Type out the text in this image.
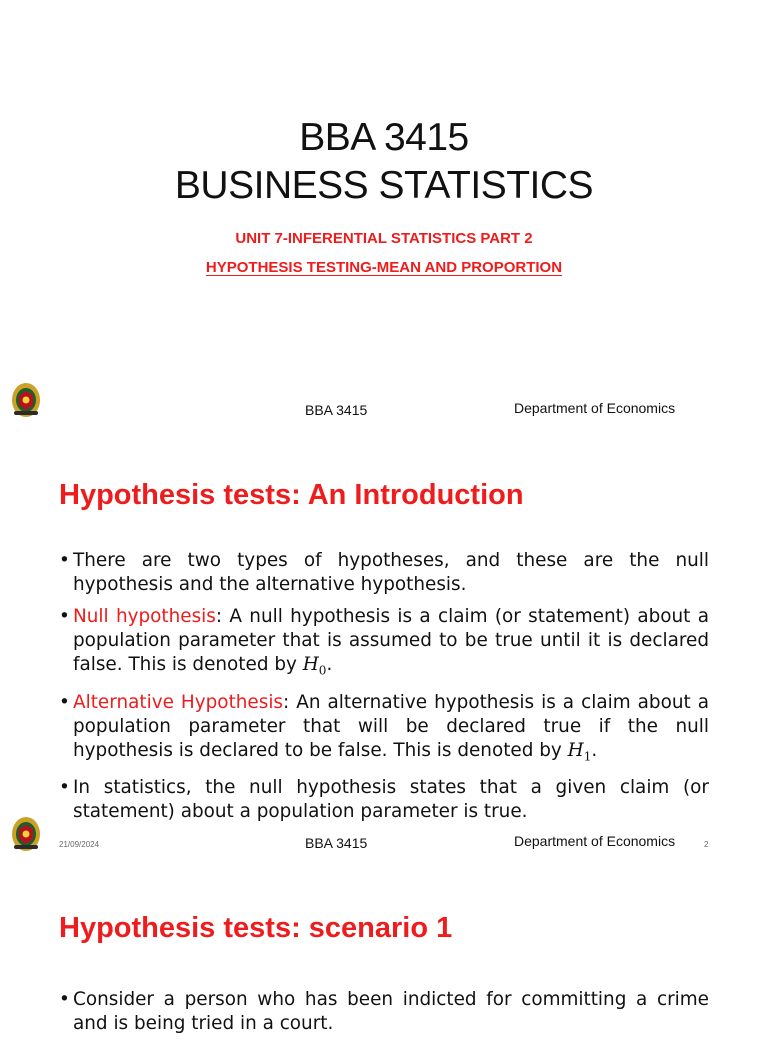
BBA 3415
BUSINESS STATISTICS
UNIT 7-INFERENTIAL STATISTICS PART 2
HYPOTHESIS TESTING-MEAN AND PROPORTION
BBA 3415	Department of Economics
Hypothesis tests: An Introduction
• There are two types of hypotheses, and these are the null hypothesis and the alternative hypothesis.
• Null hypothesis: A null hypothesis is a claim (or statement) about a population parameter that is assumed to be true until it is declared false. This is denoted by $H_0$.
• Alternative Hypothesis: An alternative hypothesis is a claim about a population parameter that will be declared true if the null hypothesis is declared to be false. This is denoted by $H_1$.
• In statistics, the null hypothesis states that a given claim (or statement) about a population parameter is true.
21/09/2024	BBA 3415	Department of Economics	2
Hypothesis tests: scenario 1
• Consider a person who has been indicted for committing a crime and is being tried in a court.
